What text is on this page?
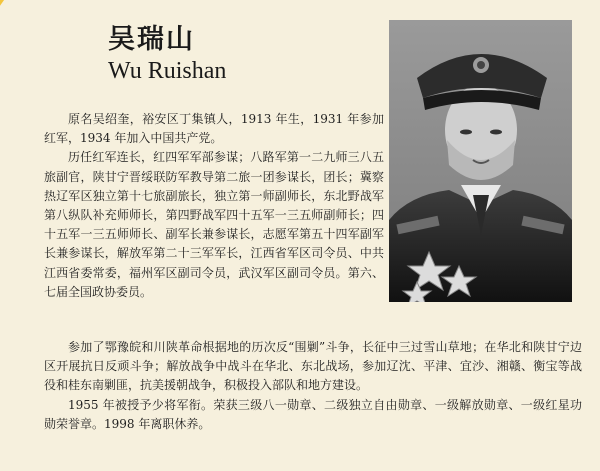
吴瑞山
Wu Ruishan

原名吴绍奎，裕安区丁集镇人，1913 年生，1931 年参加红军，1934 年加入中国共产党。

历任红军连长，红四军军部参谋；八路军第一二九师三八五旅副官，陕甘宁晋绥联防军教导第二旅一团参谋长，团长；冀察热辽军区独立第十七旅副旅长，独立第一师副师长，东北野战军第八纵队补充师师长，第四野战军四十五军一三五师副师长；四十五军一三五师师长、副军长兼参谋长，志愿军第五十四军副军长兼参谋长，解放军第二十三军军长，江西省军区司令员、中共江西省委常委，福州军区副司令员，武汉军区副司令员。第六、七届全国政协委员。

参加了鄂豫皖和川陕革命根据地的历次反“围剿”斗争，长征中三过雪山草地；在华北和陕甘宁边区开展抗日反顽斗争；解放战争中战斗在华北、东北战场，参加辽沈、平津、宜沙、湘赣、衡宝等战役和桂东南剿匪，抗美援朝战争，积极投入部队和地方建设。

1955 年被授予少将军衔。荣获三级八一勋章、二级独立自由勋章、一级解放勋章、一级红星功勋荣誉章。1998 年离职休养。
